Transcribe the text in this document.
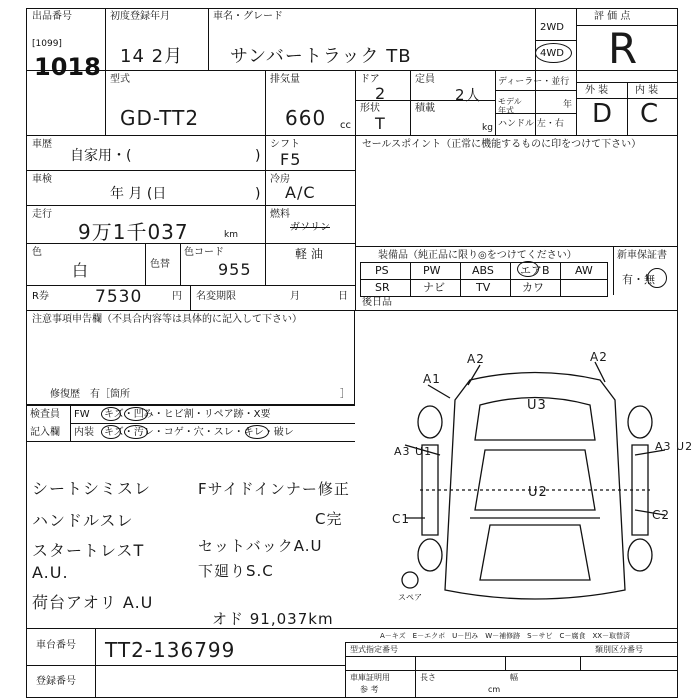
出品番号
[1099]
1018
初度登録年月
14 2月
車名・グレード
サンバートラック TB
2WD
4WD
評 価 点
R
外 装	内 装
D C
型式
GD-TT2
排気量
660 cc
ドア
2
定員
2人
形状
T
積載
kg
ディーラー・並行
モデル年式
年
ハンドル 左・右
車歴
自家用・(	)
シフト
F5
車検
年 月 (日	)
冷房
A/C
走行
9万1千037	km
燃料
ガソリン
軽 油
色
白	色替
色コード
955
R券	7530	円 名変期限	月	日
セールスポイント（正常に機能するものに印をつけて下さい）
装備品（純正品に限り◎をつけてください）	新車保証書
有・無
PS	PW	ABS エアB AW
SR	ナビ	TV	カワ
後日品
注意事項申告欄（不具合内容等は具体的に記入して下さい）
修復歴　有［箇所	］
検査員
記入欄
FW キズ・凹み・ヒビ割・リペア跡・X要
内装 キズ・汚レ・コゲ・穴・スレ・キレ・破レ
シートシミスレ
ハンドルスレ
スタートレスT
A.U.
荷台アオリ A.U
Fサイドインナー修正
C完
セットバックA.U
下廻りS.C
オド 91,037km
A2	A2
A1
U3
A3 U1	A3 U2
U2
C1	C2
スペア
車台番号 TT2-136799
登録番号
A－キズ　E－エクボ　U－凹み　W－補修跡　S－サビ　C－腐食　XX－取替済
型式指定番号	類別区分番号
車庫証明用
参 考
長さ
cm
幅
